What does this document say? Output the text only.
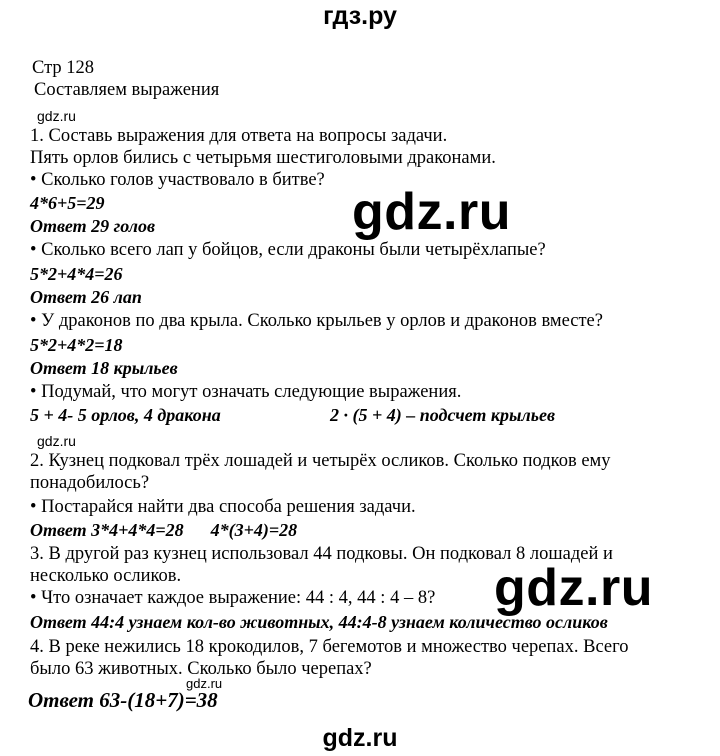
гдз.ру
Стр 128
Составляем выражения
gdz.ru
1. Составь выражения для ответа на вопросы задачи.
Пять орлов бились с четырьмя шестиголовыми драконами.
• Сколько голов участвовало в битве?
4*6+5=29
Ответ 29 голов
• Сколько всего лап у бойцов, если драконы были четырёхлапые?
5*2+4*4=26
Ответ 26 лап
• У драконов по два крыла. Сколько крыльев у орлов и драконов вместе?
5*2+4*2=18
Ответ 18 крыльев
• Подумай, что могут означать следующие выражения.
5 + 4- 5 орлов, 4 дракона	2 · (5 + 4) – подсчет крыльев
gdz.ru
2. Кузнец подковал трёх лошадей и четырёх осликов. Сколько подков ему
понадобилось?
• Постарайся найти два способа решения задачи.
Ответ 3*4+4*4=28      4*(3+4)=28
3. В другой раз кузнец использовал 44 подковы. Он подковал 8 лошадей и
несколько осликов.
• Что означает каждое выражение: 44 : 4, 44 : 4 – 8?
Ответ 44:4 узнаем кол-во животных, 44:4-8 узнаем количество осликов
4. В реке нежились 18 крокодилов, 7 бегемотов и множество черепах. Всего
было 63 животных. Сколько было черепах?
gdz.ru
Ответ 63-(18+7)=38
gdz.ru
gdz.ru
gdz.ru
